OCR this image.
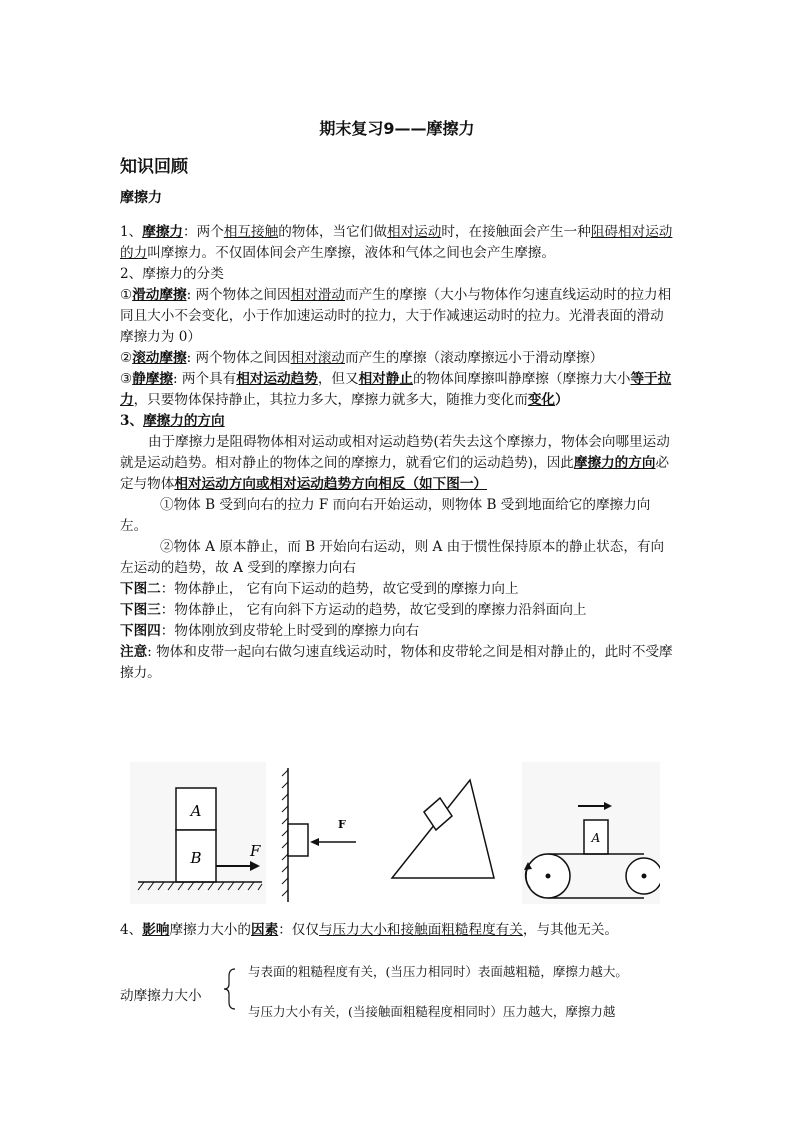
期末复习9——摩擦力
知识回顾
摩擦力

1、摩擦力：两个相互接触的物体，当它们做相对运动时，在接触面会产生一种阻碍相对运动的力叫摩擦力。不仅固体间会产生摩擦，液体和气体之间也会产生摩擦。

2、摩擦力的分类

①滑动摩擦: 两个物体之间因相对滑动而产生的摩擦（大小与物体作匀速直线运动时的拉力相同且大小不会变化，小于作加速运动时的拉力，大于作减速运动时的拉力。光滑表面的滑动摩擦力为 0）

②滚动摩擦: 两个物体之间因相对滚动而产生的摩擦（滚动摩擦远小于滑动摩擦）

③静摩擦: 两个具有相对运动趋势，但又相对静止的物体间摩擦叫静摩擦（摩擦力大小等于拉力，只要物体保持静止，其拉力多大，摩擦力就多大，随推力变化而变化）

3、摩擦力的方向

由于摩擦力是阻碍物体相对运动或相对运动趋势(若失去这个摩擦力，物体会向哪里运动就是运动趋势。相对静止的物体之间的摩擦力，就看它们的运动趋势)，因此摩擦力的方向必定与物体相对运动方向或相对运动趋势方向相反（如下图一）

①物体 B 受到向右的拉力 F 而向右开始运动，则物体 B 受到地面给它的摩擦力向左。

②物体 A 原本静止，而 B 开始向右运动，则 A 由于惯性保持原本的静止状态，有向左运动的趋势，故 A 受到的摩擦力向右

下图二：物体静止， 它有向下运动的趋势，故它受到的摩擦力向上

下图三：物体静止， 它有向斜下方运动的趋势，故它受到的摩擦力沿斜面向上

下图四：物体刚放到皮带轮上时受到的摩擦力向右

注意: 物体和皮带一起向右做匀速直线运动时，物体和皮带轮之间是相对静止的，此时不受摩擦力。

A
B	F
F
A

4、影响摩擦力大小的因素：仅仅与压力大小和接触面粗糙程度有关，与其他无关。

动摩擦力大小
与表面的粗糙程度有关，(当压力相同时）表面越粗糙，摩擦力越大。
与压力大小有关，(当接触面粗糙程度相同时）压力越大，摩擦力越
